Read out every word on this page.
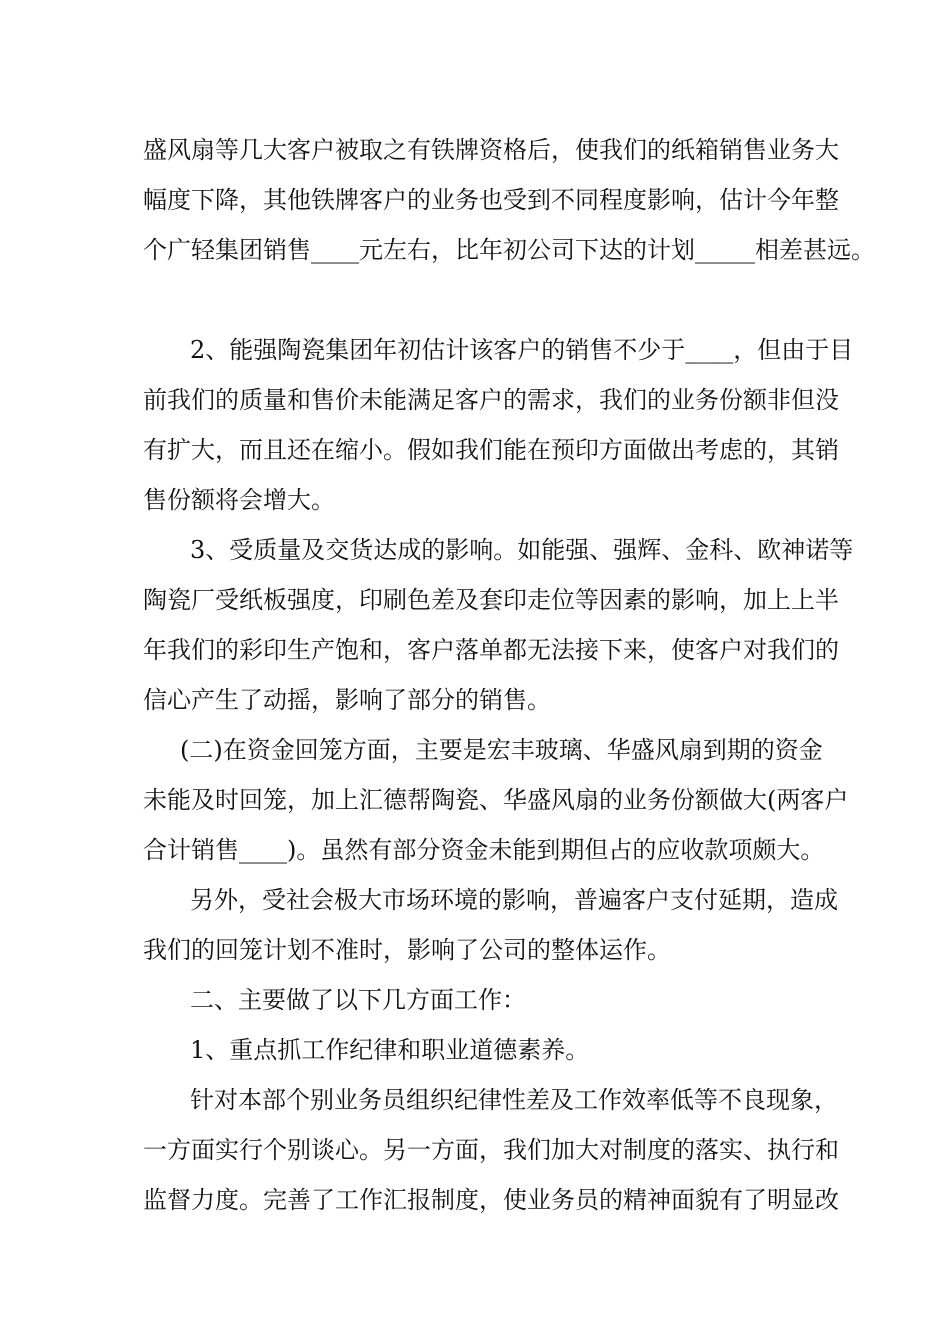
盛风扇等几大客户被取之有铁牌资格后，使我们的纸箱销售业务大
幅度下降，其他铁牌客户的业务也受到不同程度影响，估计今年整
个广轻集团销售____元左右，比年初公司下达的计划_____相差甚远。
2、能强陶瓷集团年初估计该客户的销售不少于____，但由于目
前我们的质量和售价未能满足客户的需求，我们的业务份额非但没
有扩大，而且还在缩小。假如我们能在预印方面做出考虑的，其销
售份额将会增大。
3、受质量及交货达成的影响。如能强、强辉、金科、欧神诺等
陶瓷厂受纸板强度，印刷色差及套印走位等因素的影响，加上上半
年我们的彩印生产饱和，客户落单都无法接下来，使客户对我们的
信心产生了动摇，影响了部分的销售。
(二)在资金回笼方面，主要是宏丰玻璃、华盛风扇到期的资金
未能及时回笼，加上汇德帮陶瓷、华盛风扇的业务份额做大(两客户
合计销售____)。虽然有部分资金未能到期但占的应收款项颇大。
另外，受社会极大市场环境的影响，普遍客户支付延期，造成
我们的回笼计划不准时，影响了公司的整体运作。
二、主要做了以下几方面工作：
1、重点抓工作纪律和职业道德素养。
针对本部个别业务员组织纪律性差及工作效率低等不良现象，
一方面实行个别谈心。另一方面，我们加大对制度的落实、执行和
监督力度。完善了工作汇报制度，使业务员的精神面貌有了明显改
